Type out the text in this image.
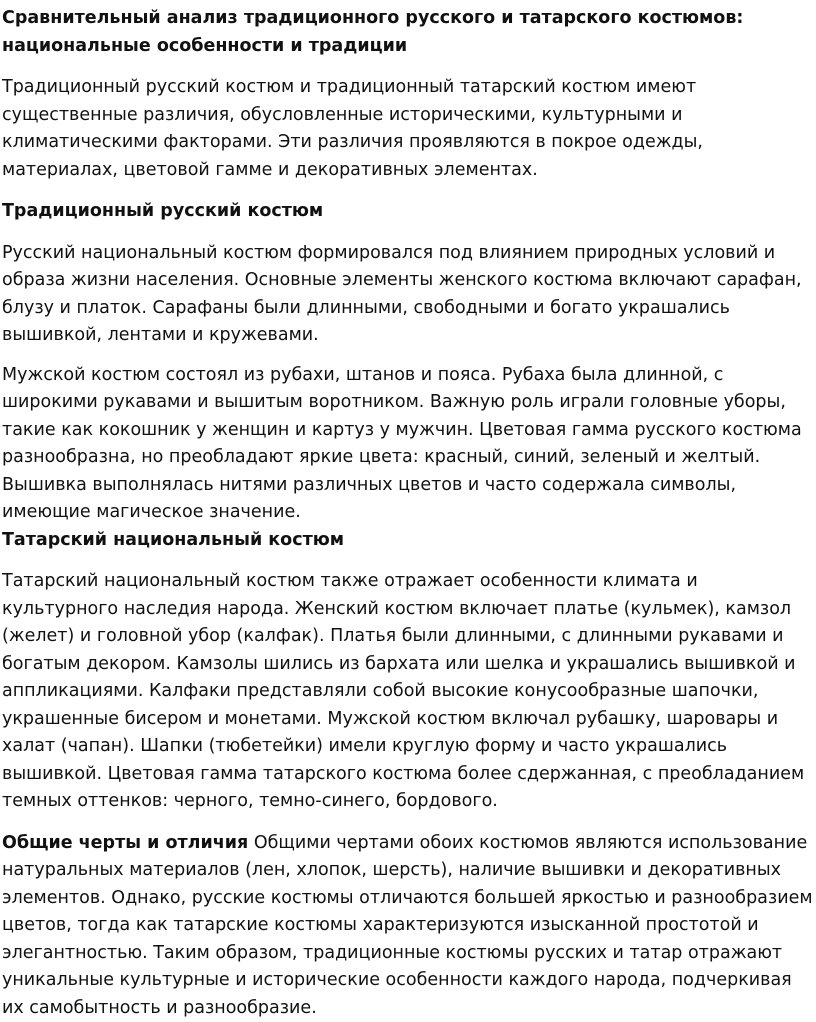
Сравнительный анализ традиционного русского и татарского костюмов: национальные особенности и традиции

Традиционный русский костюм и традиционный татарский костюм имеют существенные различия, обусловленные историческими, культурными и климатическими факторами. Эти различия проявляются в покрое одежды, материалах, цветовой гамме и декоративных элементах.

Традиционный русский костюм

Русский национальный костюм формировался под влиянием природных условий и образа жизни населения. Основные элементы женского костюма включают сарафан, блузу и платок. Сарафаны были длинными, свободными и богато украшались вышивкой, лентами и кружевами.

Мужской костюм состоял из рубахи, штанов и пояса. Рубаха была длинной, с широкими рукавами и вышитым воротником. Важную роль играли головные уборы, такие как кокошник у женщин и картуз у мужчин. Цветовая гамма русского костюма разнообразна, но преобладают яркие цвета: красный, синий, зеленый и желтый. Вышивка выполнялась нитями различных цветов и часто содержала символы, имеющие магическое значение.

Татарский национальный костюм

Татарский национальный костюм также отражает особенности климата и культурного наследия народа. Женский костюм включает платье (кульмек), камзол (желет) и головной убор (калфак). Платья были длинными, с длинными рукавами и богатым декором. Камзолы шились из бархата или шелка и украшались вышивкой и аппликациями. Калфаки представляли собой высокие конусообразные шапочки, украшенные бисером и монетами. Мужской костюм включал рубашку, шаровары и халат (чапан). Шапки (тюбетейки) имели круглую форму и часто украшались вышивкой. Цветовая гамма татарского костюма более сдержанная, с преобладанием темных оттенков: черного, темно-синего, бордового.

Общие черты и отличия Общими чертами обоих костюмов являются использование натуральных материалов (лен, хлопок, шерсть), наличие вышивки и декоративных элементов. Однако, русские костюмы отличаются большей яркостью и разнообразием цветов, тогда как татарские костюмы характеризуются изысканной простотой и элегантностью. Таким образом, традиционные костюмы русских и татар отражают уникальные культурные и исторические особенности каждого народа, подчеркивая их самобытность и разнообразие.
